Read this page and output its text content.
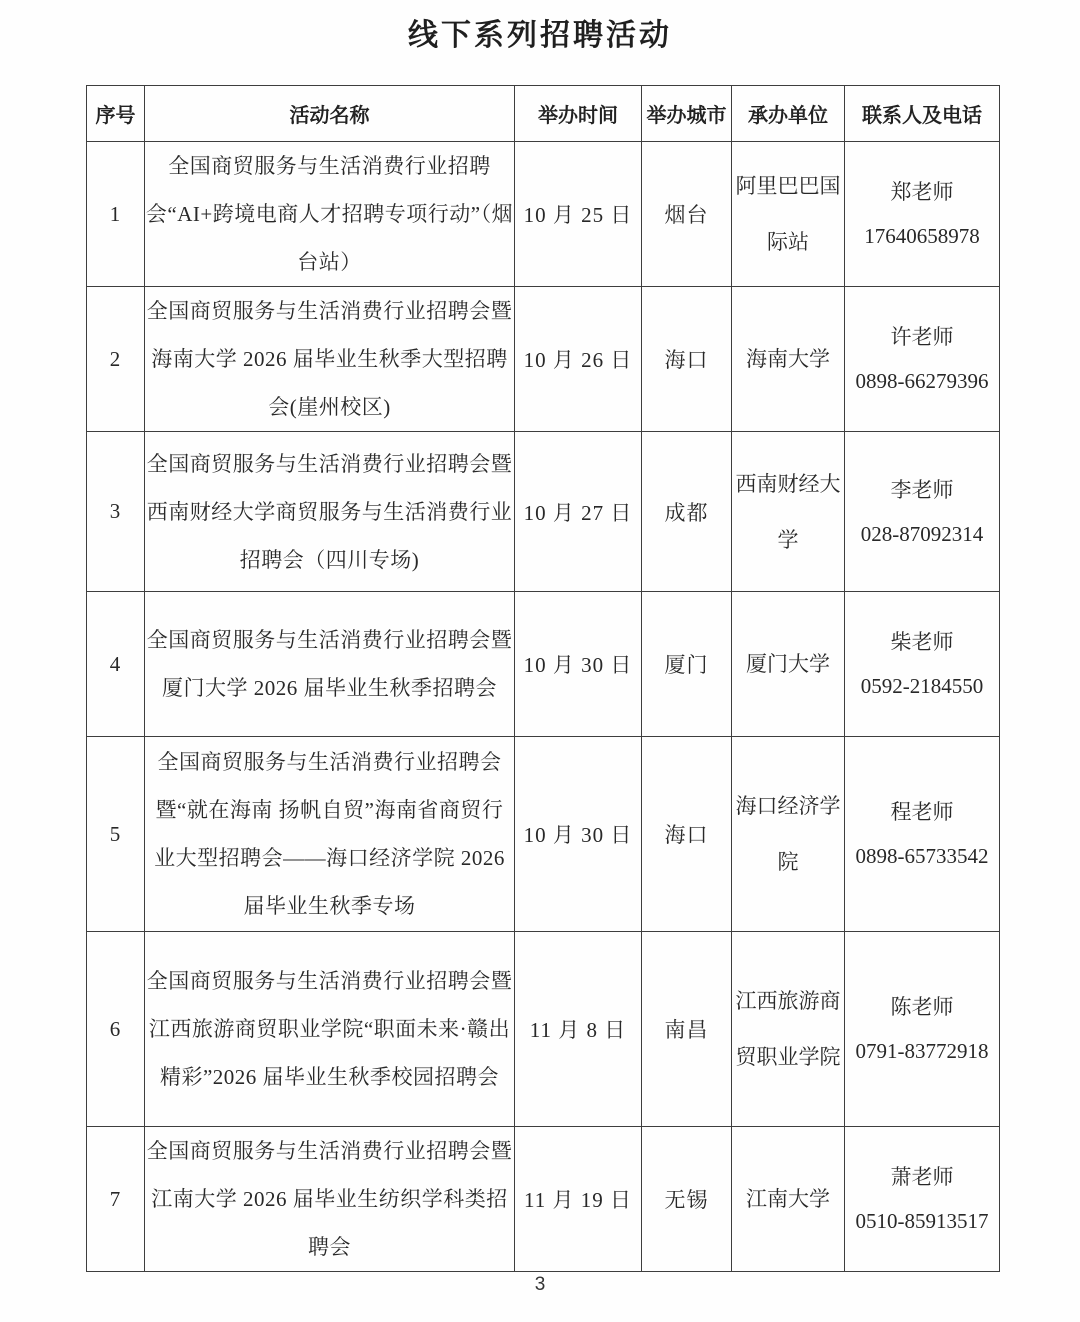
线下系列招聘活动
序号	活动名称	举办时间	举办城市	承办单位	联系人及电话
1	全国商贸服务与生活消费行业招聘会“AI+跨境电商人才招聘专项行动”（烟台站）	10 月 25 日	烟台	阿里巴巴国际站	郑老师
17640658978

2	全国商贸服务与生活消费行业招聘会暨海南大学 2026 届毕业生秋季大型招聘会(崖州校区)	10 月 26 日	海口	海南大学	许老师
0898-66279396

3	全国商贸服务与生活消费行业招聘会暨西南财经大学商贸服务与生活消费行业招聘会（四川专场)	10 月 27 日	成都	西南财经大学	李老师
028-87092314

4	全国商贸服务与生活消费行业招聘会暨厦门大学 2026 届毕业生秋季招聘会	10 月 30 日	厦门	厦门大学	柴老师
0592-2184550

5	全国商贸服务与生活消费行业招聘会暨“就在海南 扬帆自贸”海南省商贸行业大型招聘会——海口经济学院 2026 届毕业生秋季专场	10 月 30 日	海口	海口经济学院	程老师
0898-65733542

6	全国商贸服务与生活消费行业招聘会暨江西旅游商贸职业学院“职面未来·赣出精彩”2026 届毕业生秋季校园招聘会	11 月 8 日	南昌	江西旅游商贸职业学院	陈老师
0791-83772918

7	全国商贸服务与生活消费行业招聘会暨江南大学 2026 届毕业生纺织学科类招聘会	11 月 19 日	无锡	江南大学	萧老师
0510-85913517
3
